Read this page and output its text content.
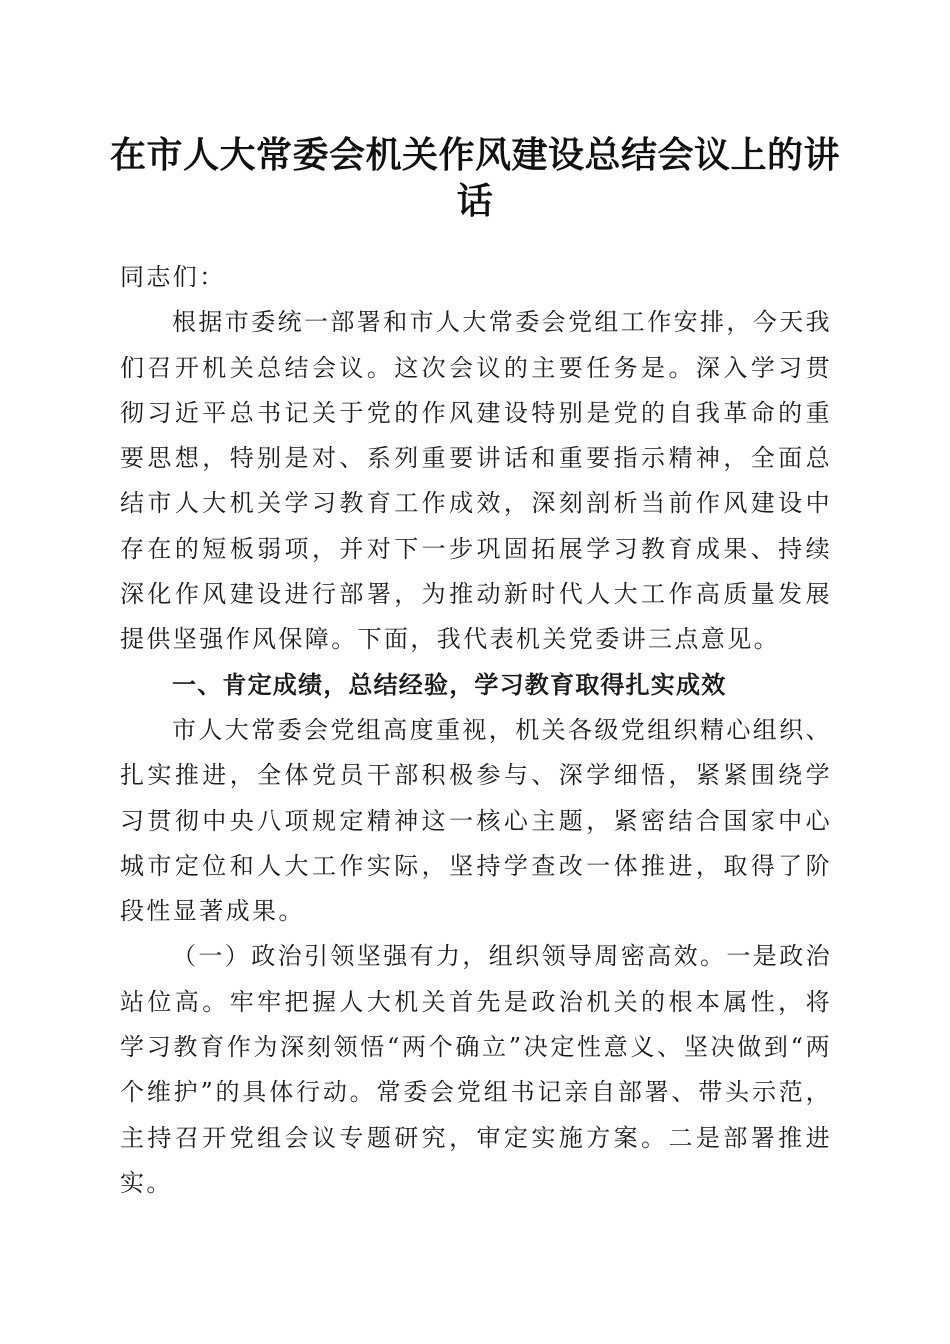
在市人大常委会机关作风建设总结会议上的讲话

同志们：

根据市委统一部署和市人大常委会党组工作安排，今天我们召开机关总结会议。这次会议的主要任务是。深入学习贯彻习近平总书记关于党的作风建设特别是党的自我革命的重要思想，特别是对、系列重要讲话和重要指示精神，全面总结市人大机关学习教育工作成效，深刻剖析当前作风建设中存在的短板弱项，并对下一步巩固拓展学习教育成果、持续深化作风建设进行部署，为推动新时代人大工作高质量发展提供坚强作风保障。下面，我代表机关党委讲三点意见。

一、肯定成绩，总结经验，学习教育取得扎实成效

市人大常委会党组高度重视，机关各级党组织精心组织、扎实推进，全体党员干部积极参与、深学细悟，紧紧围绕学习贯彻中央八项规定精神这一核心主题，紧密结合国家中心城市定位和人大工作实际，坚持学查改一体推进，取得了阶段性显著成果。

（一）政治引领坚强有力，组织领导周密高效。一是政治站位高。牢牢把握人大机关首先是政治机关的根本属性，将学习教育作为深刻领悟“两个确立”决定性意义、坚决做到“两个维护”的具体行动。常委会党组书记亲自部署、带头示范，主持召开党组会议专题研究，审定实施方案。二是部署推进实。
